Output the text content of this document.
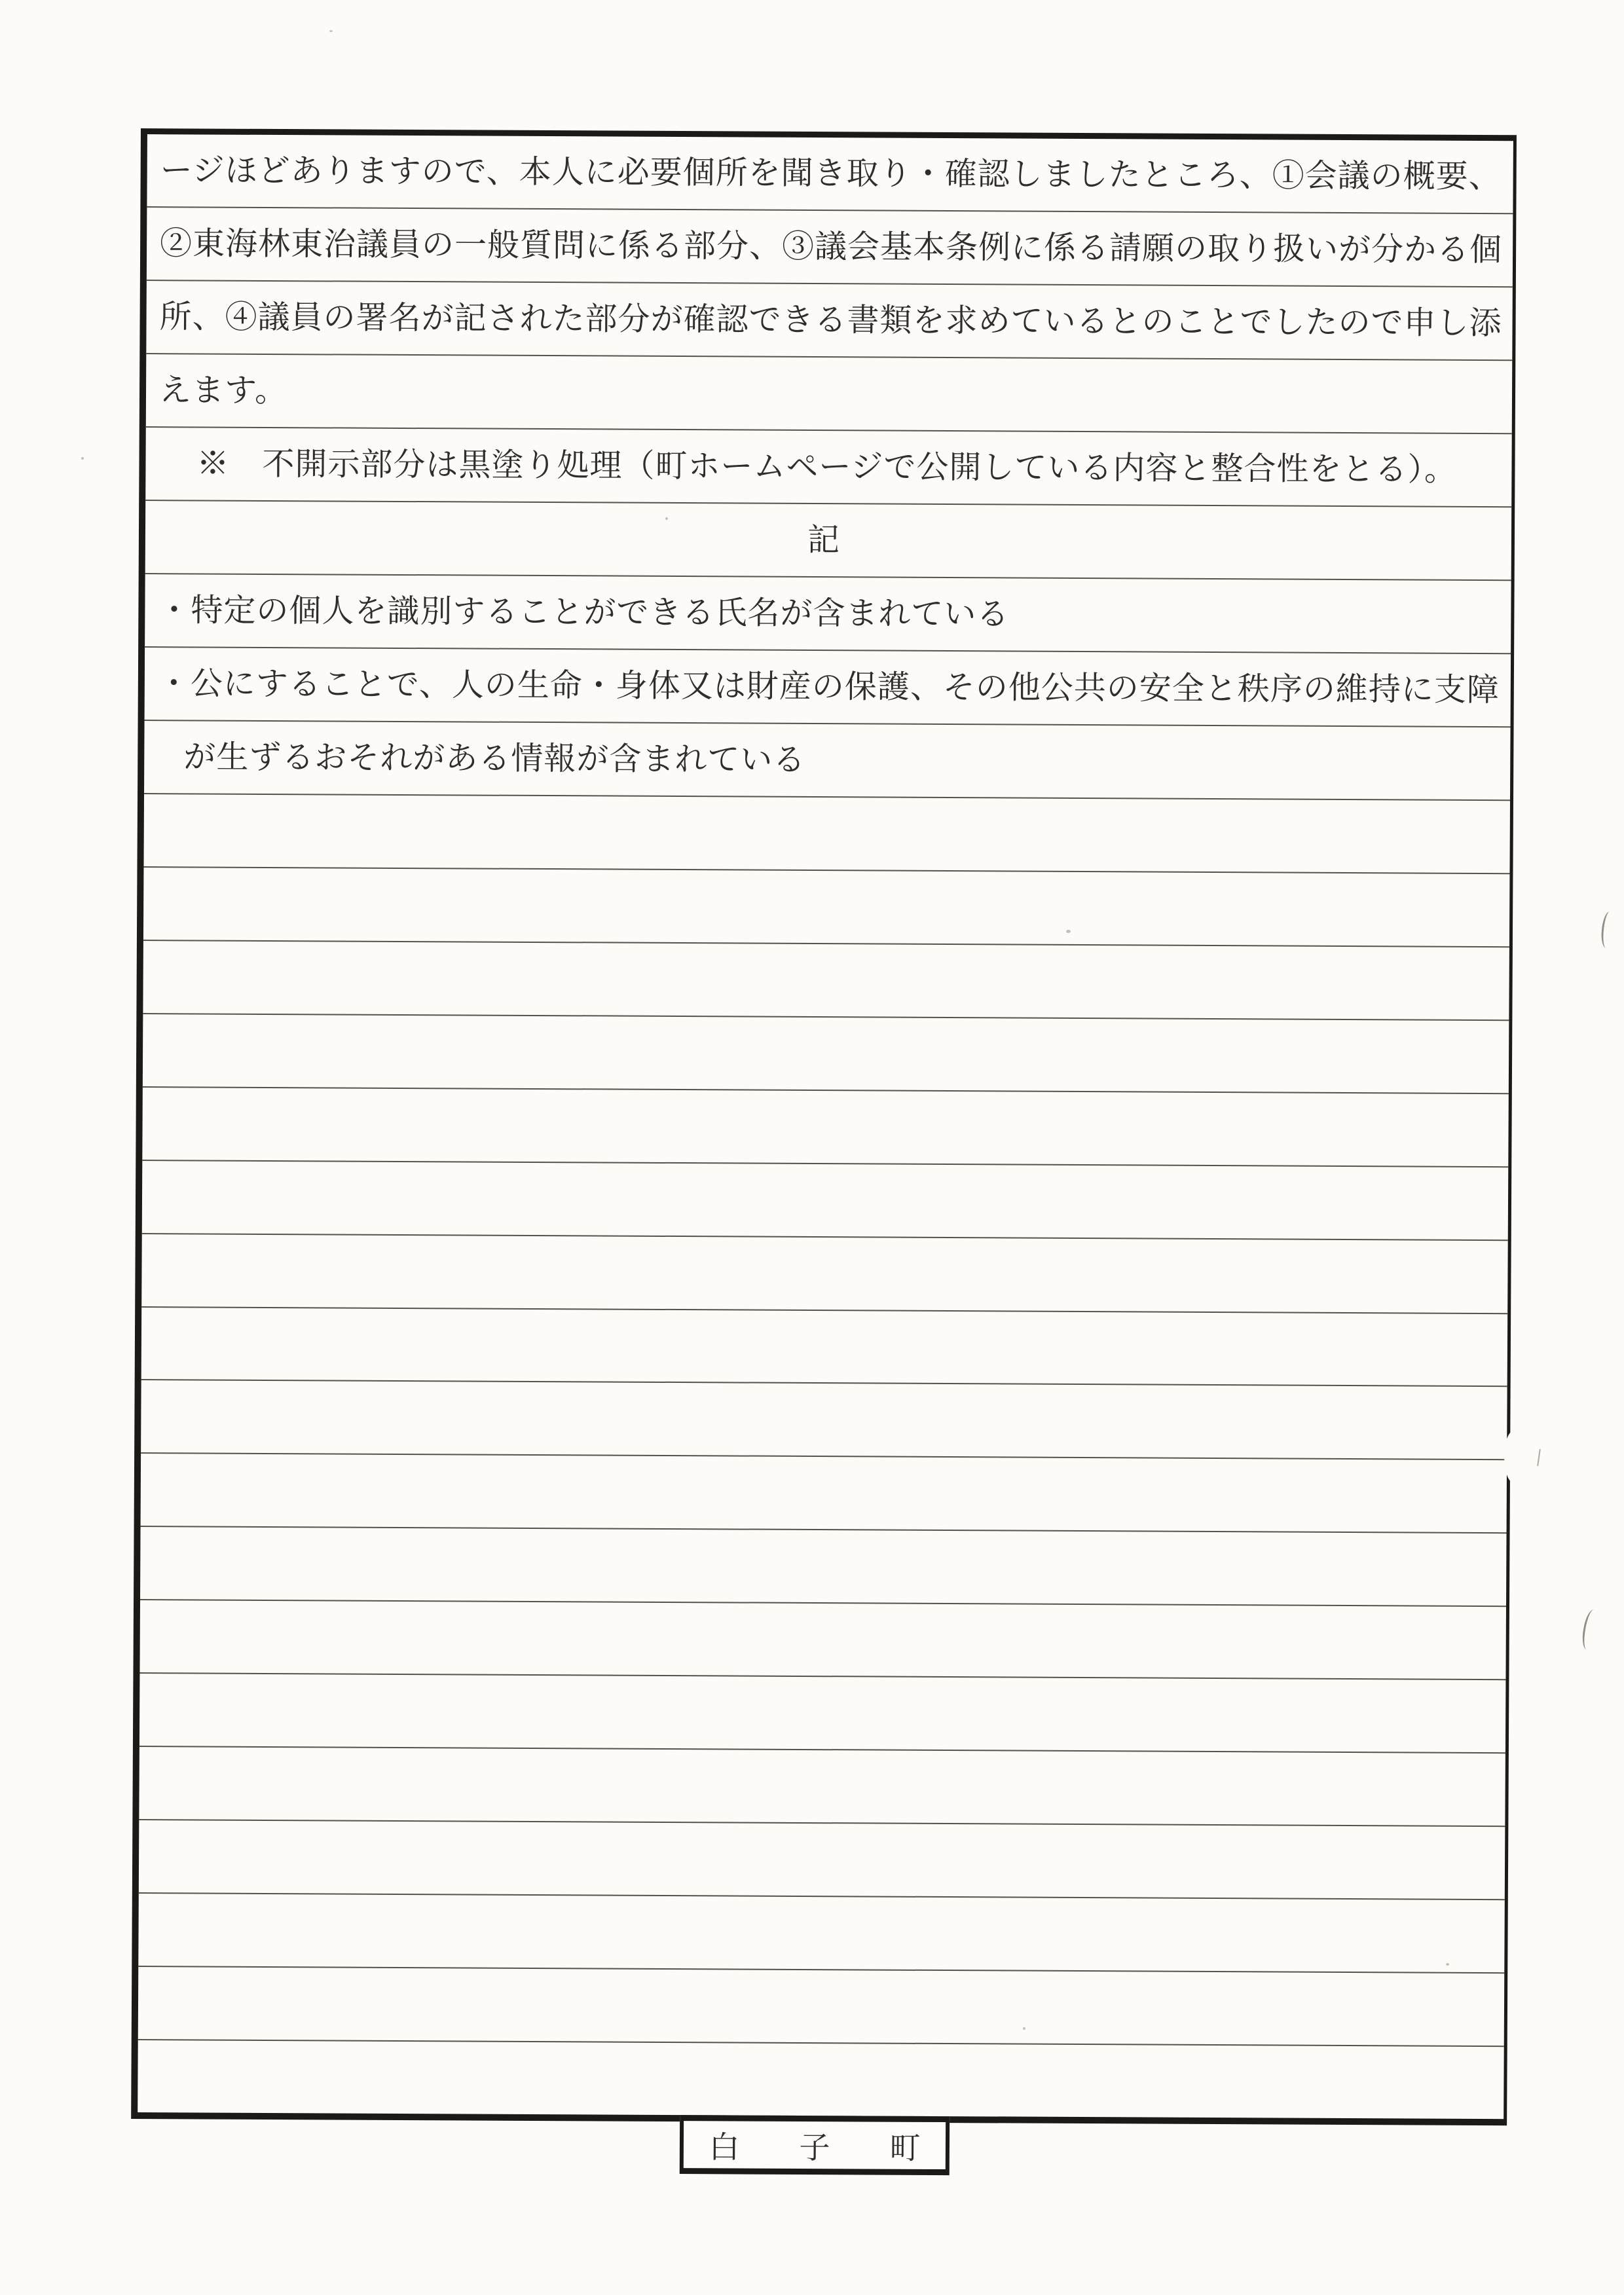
ージほどありますので、本人に必要個所を聞き取り・確認しましたところ、①会議の概要、
②東海林東治議員の一般質問に係る部分、③議会基本条例に係る請願の取り扱いが分かる個
所、④議員の署名が記された部分が確認できる書類を求めているとのことでしたので申し添
えます。
※　不開示部分は黒塗り処理（町ホームページで公開している内容と整合性をとる）。
記
・特定の個人を識別することができる氏名が含まれている
・公にすることで、人の生命・身体又は財産の保護、その他公共の安全と秩序の維持に支障
が生ずるおそれがある情報が含まれている
白　子　町
